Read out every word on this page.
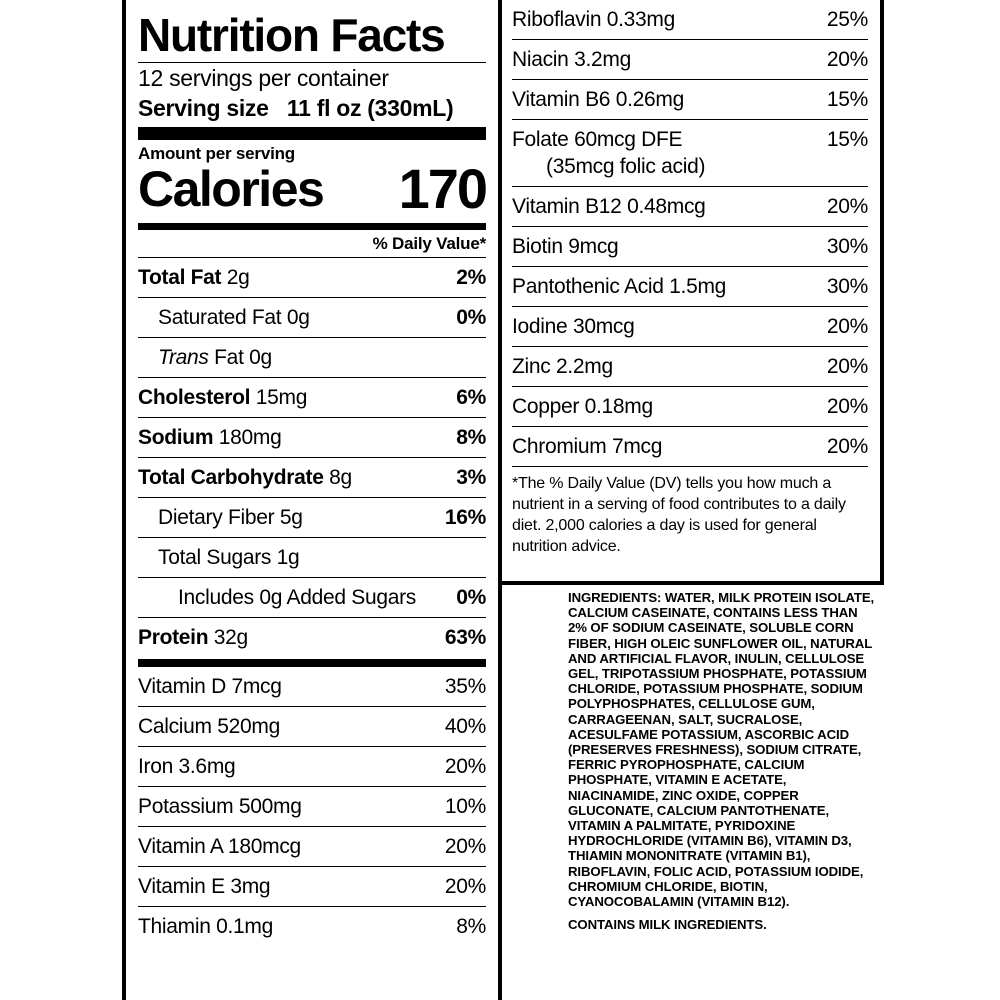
Nutrition Facts
12 servings per container
Serving size 11 fl oz (330mL)
Amount per serving
Calories 170
% Daily Value*
Total Fat 2g	2%
Saturated Fat 0g	0%
Trans Fat 0g
Cholesterol 15mg	6%
Sodium 180mg	8%
Total Carbohydrate 8g	3%
Dietary Fiber 5g	16%
Total Sugars 1g
Includes 0g Added Sugars 0%
Protein 32g	63%
Vitamin D 7mcg	35%
Calcium 520mg	40%
Iron 3.6mg	20%
Potassium 500mg	10%
Vitamin A 180mcg	20%
Vitamin E 3mg	20%
Thiamin 0.1mg	8%
Riboflavin 0.33mg	25%
Niacin 3.2mg	20%
Vitamin B6 0.26mg	15%
Folate 60mcg DFE	15%
(35mcg folic acid)
Vitamin B12 0.48mcg	20%
Biotin 9mcg	30%
Pantothenic Acid 1.5mg	30%
Iodine 30mcg	20%
Zinc 2.2mg	20%
Copper 0.18mg	20%
Chromium 7mcg	20%
*The % Daily Value (DV) tells you how much a nutrient in a serving of food contributes to a daily diet. 2,000 calories a day is used for general nutrition advice.
INGREDIENTS: WATER, MILK PROTEIN ISOLATE, CALCIUM CASEINATE, CONTAINS LESS THAN 2% OF SODIUM CASEINATE, SOLUBLE CORN FIBER, HIGH OLEIC SUNFLOWER OIL, NATURAL AND ARTIFICIAL FLAVOR, INULIN, CELLULOSE GEL, TRIPOTASSIUM PHOSPHATE, POTASSIUM CHLORIDE, POTASSIUM PHOSPHATE, SODIUM POLYPHOSPHATES, CELLULOSE GUM, CARRAGEENAN, SALT, SUCRALOSE, ACESULFAME POTASSIUM, ASCORBIC ACID (PRESERVES FRESHNESS), SODIUM CITRATE, FERRIC PYROPHOSPHATE, CALCIUM PHOSPHATE, VITAMIN E ACETATE, NIACINAMIDE, ZINC OXIDE, COPPER GLUCONATE, CALCIUM PANTOTHENATE, VITAMIN A PALMITATE, PYRIDOXINE HYDROCHLORIDE (VITAMIN B6), VITAMIN D3, THIAMIN MONONITRATE (VITAMIN B1), RIBOFLAVIN, FOLIC ACID, POTASSIUM IODIDE, CHROMIUM CHLORIDE, BIOTIN, CYANOCOBALAMIN (VITAMIN B12).
CONTAINS MILK INGREDIENTS.
